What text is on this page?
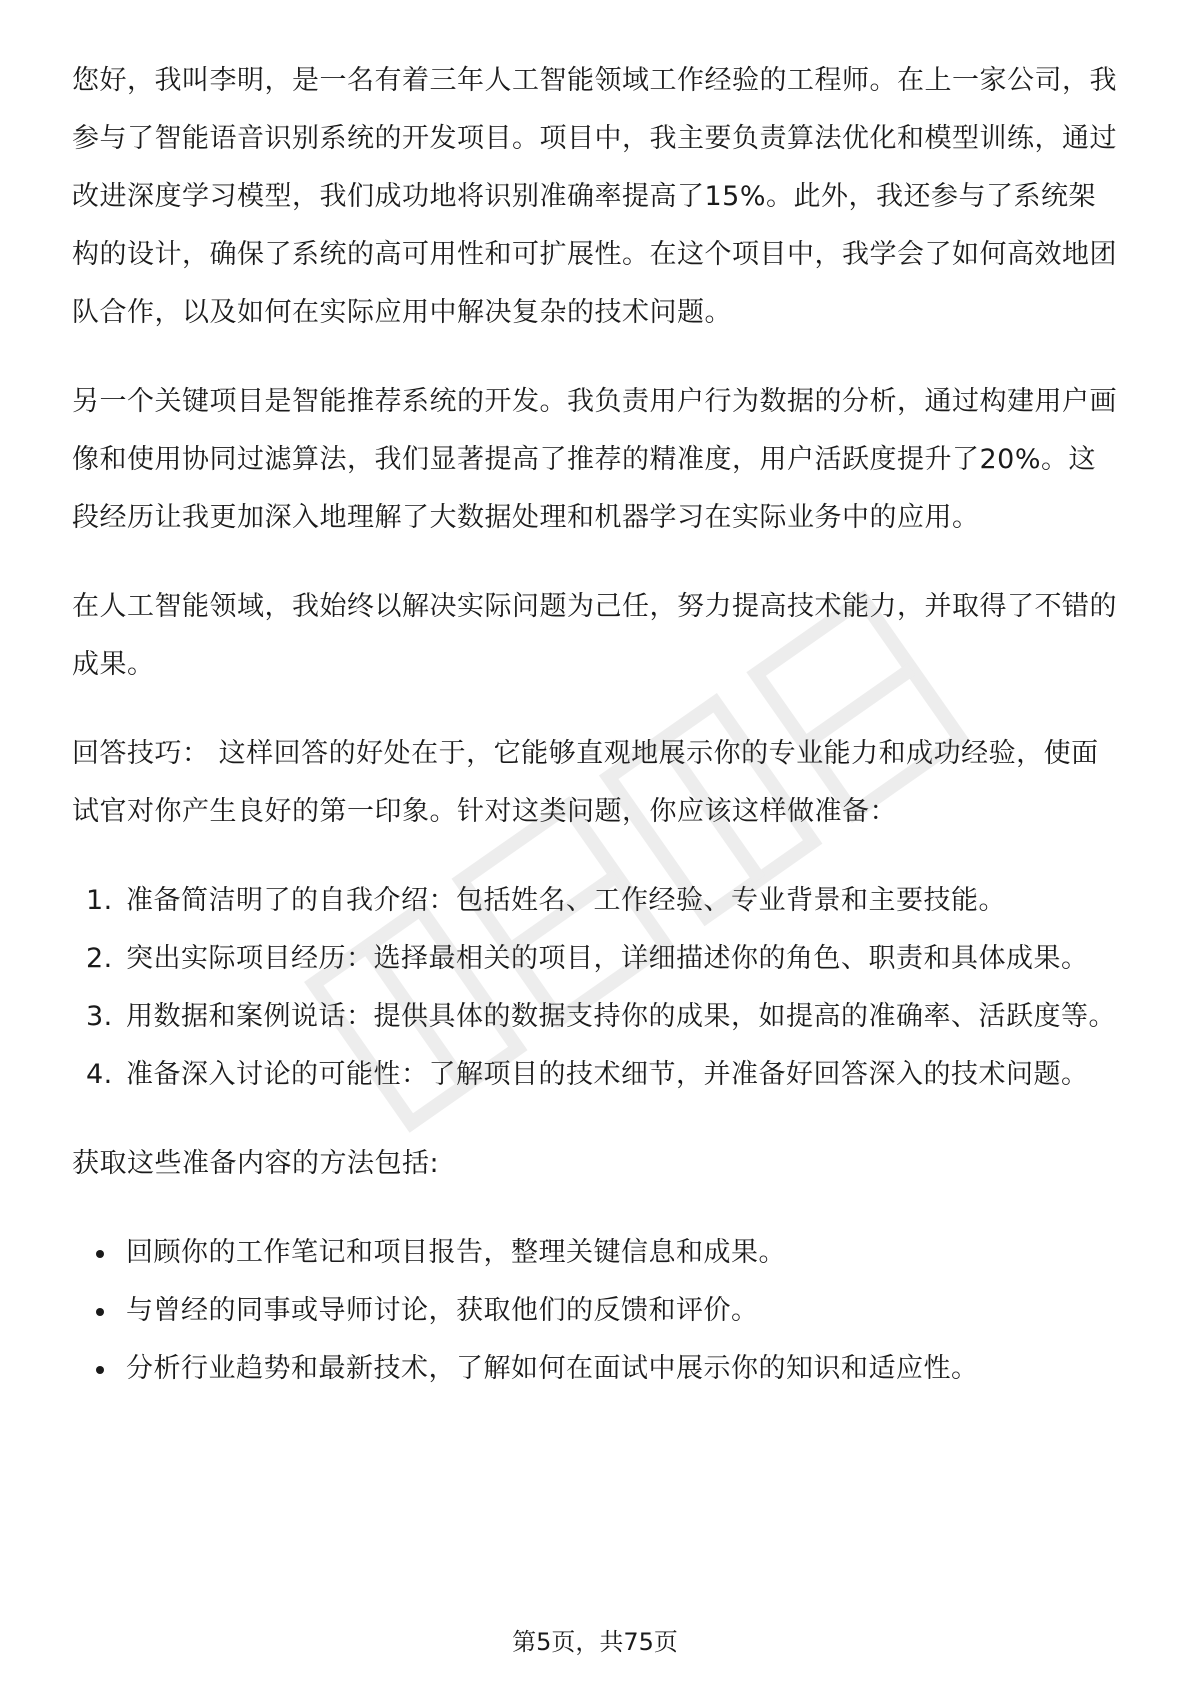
您好，我叫李明，是一名有着三年人工智能领域工作经验的工程师。在上一家公司，我参与了智能语音识别系统的开发项目。项目中，我主要负责算法优化和模型训练，通过改进深度学习模型，我们成功地将识别准确率提高了15%。此外，我还参与了系统架构的设计，确保了系统的高可用性和可扩展性。在这个项目中，我学会了如何高效地团队合作，以及如何在实际应用中解决复杂的技术问题。

另一个关键项目是智能推荐系统的开发。我负责用户行为数据的分析，通过构建用户画像和使用协同过滤算法，我们显著提高了推荐的精准度，用户活跃度提升了20%。这段经历让我更加深入地理解了大数据处理和机器学习在实际业务中的应用。

在人工智能领域，我始终以解决实际问题为己任，努力提高技术能力，并取得了不错的成果。

回答技巧： 这样回答的好处在于，它能够直观地展示你的专业能力和成功经验，使面试官对你产生良好的第一印象。针对这类问题，你应该这样做准备：

1. 准备简洁明了的自我介绍：包括姓名、工作经验、专业背景和主要技能。
2. 突出实际项目经历：选择最相关的项目，详细描述你的角色、职责和具体成果。
3. 用数据和案例说话：提供具体的数据支持你的成果，如提高的准确率、活跃度等。
4. 准备深入讨论的可能性：了解项目的技术细节，并准备好回答深入的技术问题。

获取这些准备内容的方法包括:

回顾你的工作笔记和项目报告，整理关键信息和成果。
与曾经的同事或导师讨论，获取他们的反馈和评价。
分析行业趋势和最新技术，了解如何在面试中展示你的知识和适应性。
第5页，共75页
